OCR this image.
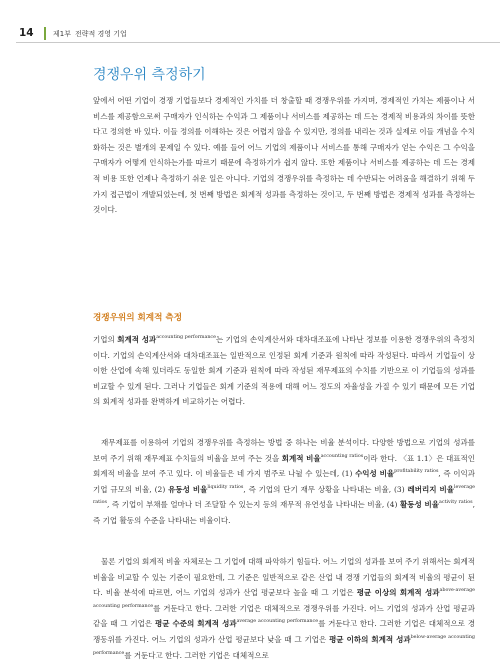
14	제1부 전략적 경영 기업
경쟁우위 측정하기

앞에서 어떤 기업이 경쟁 기업들보다 경제적인 가치를 더 창출할 때 경쟁우위를 가지며, 경제적인 가치는 제품이나 서비스를 제공함으로써 구매자가 인식하는 수익과 그 제품이나 서비스를 제공하는 데 드는 경제적 비용과의 차이를 뜻한다고 정의한 바 있다. 이들 정의를 이해하는 것은 어렵지 않을 수 있지만, 정의를 내리는 것과 실제로 이들 개념을 수치화하는 것은 별개의 문제일 수 있다. 예를 들어 어느 기업의 제품이나 서비스를 통해 구매자가 얻는 수익은 그 수익을 구매자가 어떻게 인식하는가를 따르기 때문에 측정하기가 쉽지 않다. 또한 제품이나 서비스를 제공하는 데 드는 경제적 비용 또한 언제나 측정하기 쉬운 일은 아니다. 기업의 경쟁우위를 측정하는 데 수반되는 어려움을 해결하기 위해 두 가지 접근법이 개발되었는데, 첫 번째 방법은 회계적 성과를 측정하는 것이고, 두 번째 방법은 경제적 성과를 측정하는 것이다.

경쟁우위의 회계적 측정

기업의 회계적 성과$^{accounting performance}$는 기업의 손익계산서와 대차대조표에 나타난 정보를 이용한 경쟁우위의 측정치이다. 기업의 손익계산서와 대차대조표는 일반적으로 인정된 회계 기준과 원칙에 따라 작성된다. 따라서 기업들이 상이한 산업에 속해 있더라도 동일한 회계 기준과 원칙에 따라 작성된 재무제표의 수치를 기반으로 이 기업들의 성과를 비교할 수 있게 된다. 그러나 기업들은 회계 기준의 적용에 대해 어느 정도의 자율성을 가질 수 있기 때문에 모든 기업의 회계적 성과를 완벽하게 비교하기는 어렵다.

재무제표를 이용하여 기업의 경쟁우위를 측정하는 방법 중 하나는 비율 분석이다. 다양한 방법으로 기업의 성과를 보여 주기 위해 재무제표 수치들의 비율을 보여 주는 것을 회계적 비율$^{accounting ratios}$이라 한다. 〈표 1.1〉은 대표적인 회계적 비율을 보여 주고 있다. 이 비율들은 네 가지 범주로 나뉠 수 있는데, (1) 수익성 비율$^{profitability ratios}$, 즉 이익과 기업 규모의 비율, (2) 유동성 비율$^{liquidity ratios}$, 즉 기업의 단기 재무 상황을 나타내는 비율, (3) 레버리지 비율$^{leverage ratios}$, 즉 기업이 부채를 얼마나 더 조달할 수 있는지 등의 재무적 유연성을 나타내는 비율, (4) 활동성 비율$^{activity ratios}$, 즉 기업 활동의 수준을 나타내는 비율이다.

물론 기업의 회계적 비율 자체로는 그 기업에 대해 파악하기 힘들다. 어느 기업의 성과를 보여 주기 위해서는 회계적 비율을 비교할 수 있는 기준이 필요한데, 그 기준은 일반적으로 같은 산업 내 경쟁 기업들의 회계적 비율의 평균이 된다. 비율 분석에 따르면, 어느 기업의 성과가 산업 평균보다 높을 때 그 기업은 평균 이상의 회계적 성과$^{above-average accounting performance}$를 거둔다고 한다. 그러한 기업은 대체적으로 경쟁우위를 가진다. 어느 기업의 성과가 산업 평균과 같을 때 그 기업은 평균 수준의 회계적 성과$^{average accounting performance}$를 거둔다고 한다. 그러한 기업은 대체적으로 경쟁동위를 가진다. 어느 기업의 성과가 산업 평균보다 낮을 때 그 기업은 평균 이하의 회계적 성과$^{below-average accounting performance}$를 거둔다고 한다. 그러한 기업은 대체적으로
